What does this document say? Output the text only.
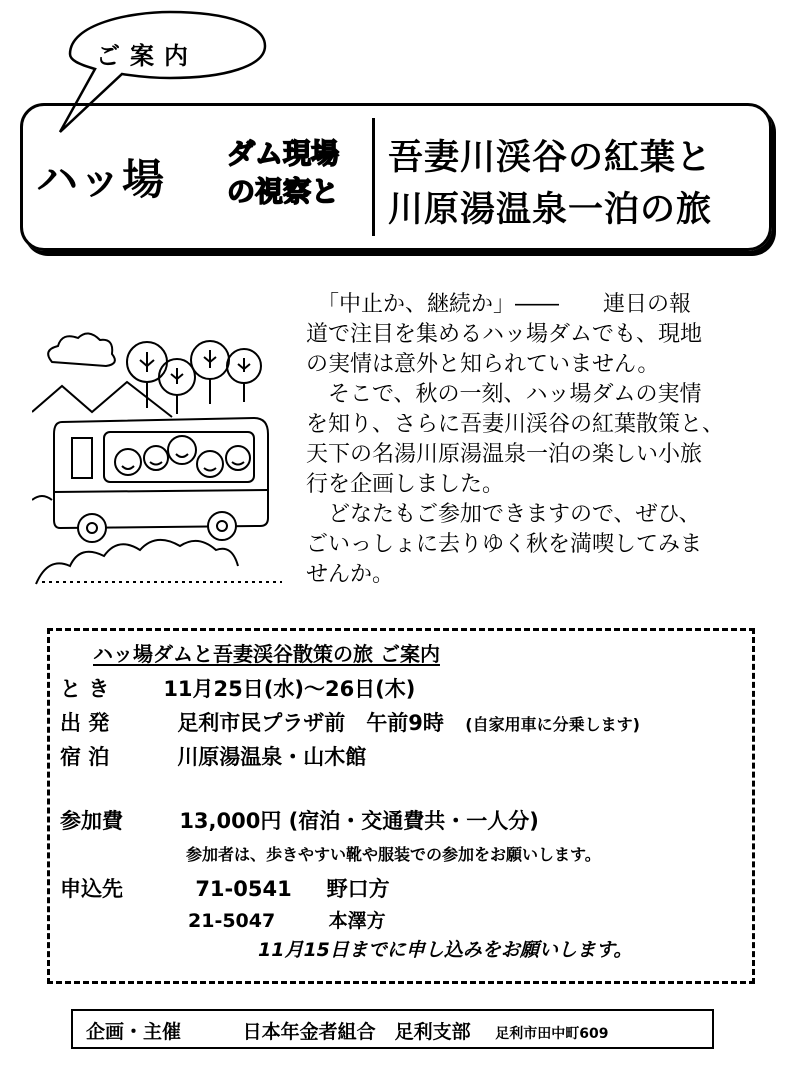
ご案内
ハッ場
ダム現場
の視察と
吾妻川渓谷の紅葉と
川原湯温泉一泊の旅

　「中止か、継続か」――　　連日の報

道で注目を集めるハッ場ダムでも、現地

の実情は意外と知られていません。

　そこで、秋の一刻、ハッ場ダムの実情

を知り、さらに吾妻川渓谷の紅葉散策と、

天下の名湯川原湯温泉一泊の楽しい小旅

行を企画しました。

　どなたもご参加できますので、ぜひ、

ごいっしょに去りゆく秋を満喫してみま

せんか。

ハッ場ダムと吾妻渓谷散策の旅 ご案内
と き	11月25日(水)～26日(木)
出 発	足利市民プラザ前　午前9時 (自家用車に分乗します)
宿 泊	川原湯温泉・山木館
参加費	13,000円 (宿泊・交通費共・一人分)
参加者は、歩きやすい靴や服装での参加をお願いします。
申込先	71-0541 野口方
21-5047	本澤方
11月15日までに申し込みをお願いします。
企画・主催	日本年金者組合　足利支部 足利市田中町609
